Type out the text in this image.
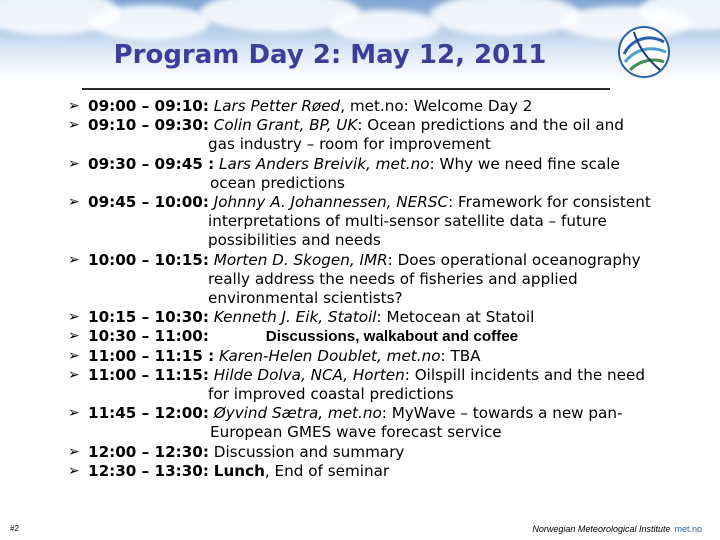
Program Day 2: May 12, 2011
➢ 09:00 – 09:10: Lars Petter Røed, met.no: Welcome Day 2
➢ 09:10 – 09:30: Colin Grant, BP, UK: Ocean predictions and the oil and
gas industry – room for improvement
➢ 09:30 – 09:45 : Lars Anders Breivik, met.no: Why we need fine scale
ocean predictions
➢ 09:45 – 10:00: Johnny A. Johannessen, NERSC: Framework for consistent
interpretations of multi-sensor satellite data – future
possibilities and needs
➢ 10:00 – 10:15: Morten D. Skogen, IMR: Does operational oceanography
really address the needs of fisheries and applied
environmental scientists?
➢ 10:15 – 10:30: Kenneth J. Eik, Statoil: Metocean at Statoil
➢ 10:30 – 11:00:	Discussions, walkabout and coffee
➢ 11:00 – 11:15 : Karen-Helen Doublet, met.no: TBA
➢ 11:00 – 11:15: Hilde Dolva, NCA, Horten: Oilspill incidents and the need
for improved coastal predictions
➢ 11:45 – 12:00: Øyvind Sætra, met.no: MyWave – towards a new pan-
European GMES wave forecast service
➢ 12:00 – 12:30: Discussion and summary
➢ 12:30 – 13:30: Lunch, End of seminar
#2	Norwegian Meteorological Institute met.no
